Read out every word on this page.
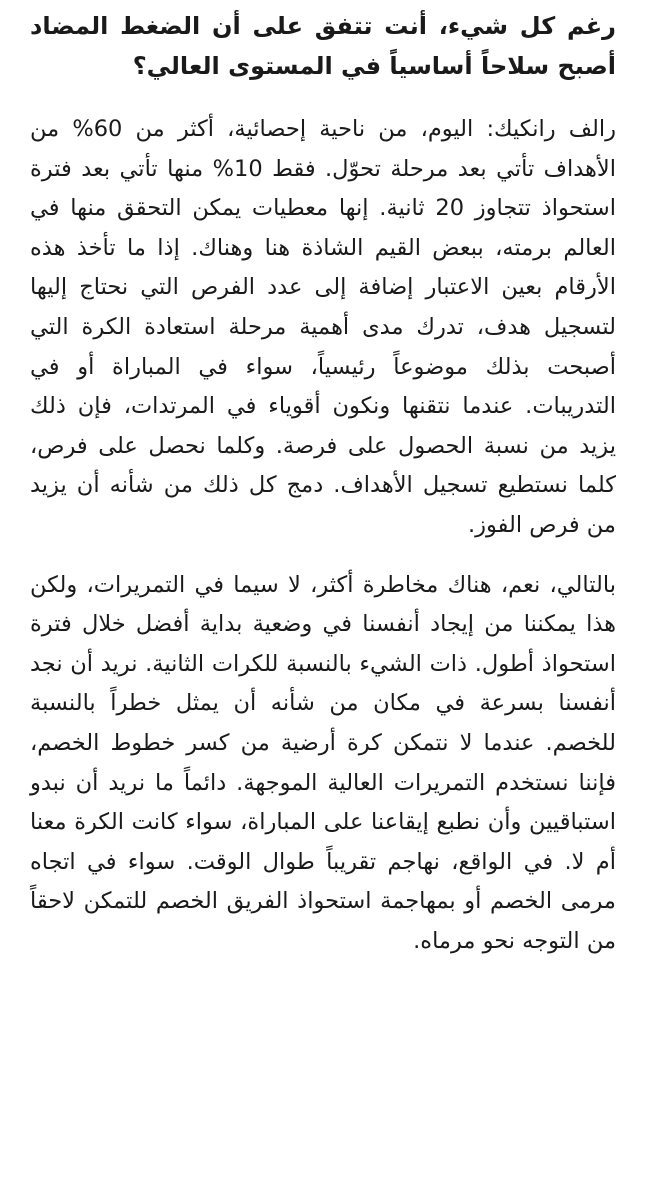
رغم كل شيء، أنت تتفق على أن الضغط المضاد أصبح سلاحاً أساسياً في المستوى العالي؟

رالف رانكيك: اليوم، من ناحية إحصائية، أكثر من 60% من الأهداف تأتي بعد مرحلة تحوّل. فقط 10% منها تأتي بعد فترة استحواذ تتجاوز 20 ثانية. إنها معطيات يمكن التحقق منها في العالم برمته، ببعض القيم الشاذة هنا وهناك. إذا ما تأخذ هذه الأرقام بعين الاعتبار إضافة إلى عدد الفرص التي نحتاج إليها لتسجيل هدف، تدرك مدى أهمية مرحلة استعادة الكرة التي أصبحت بذلك موضوعاً رئيسياً، سواء في المباراة أو في التدريبات. عندما نتقنها ونكون أقوياء في المرتدات، فإن ذلك يزيد من نسبة الحصول على فرصة. وكلما نحصل على فرص، كلما نستطيع تسجيل الأهداف. دمج كل ذلك من شأنه أن يزيد من فرص الفوز.

بالتالي، نعم، هناك مخاطرة أكثر، لا سيما في التمريرات، ولكن هذا يمكننا من إيجاد أنفسنا في وضعية بداية أفضل خلال فترة استحواذ أطول. ذات الشيء بالنسبة للكرات الثانية. نريد أن نجد أنفسنا بسرعة في مكان من شأنه أن يمثل خطراً بالنسبة للخصم. عندما لا نتمكن كرة أرضية من كسر خطوط الخصم، فإننا نستخدم التمريرات العالية الموجهة. دائماً ما نريد أن نبدو استباقيين وأن نطبع إيقاعنا على المباراة، سواء كانت الكرة معنا أم لا. في الواقع، نهاجم تقريباً طوال الوقت. سواء في اتجاه مرمى الخصم أو بمهاجمة استحواذ الفريق الخصم للتمكن لاحقاً من التوجه نحو مرماه.
